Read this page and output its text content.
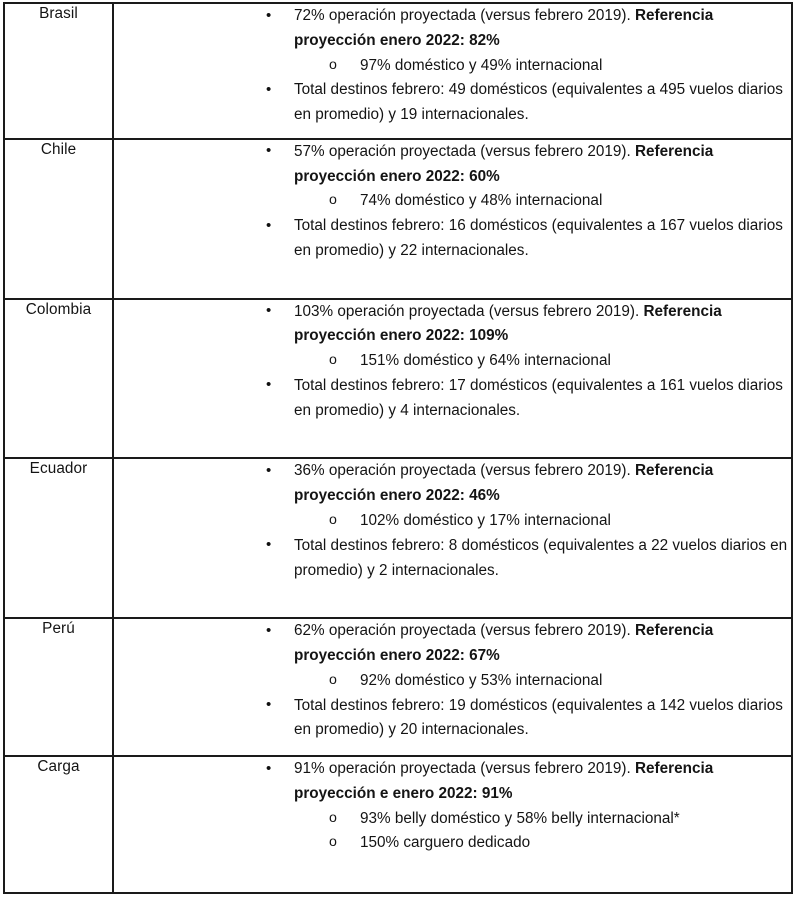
Brasil	
•72% operación proyectada (versus febrero 2019). Referencia proyección enero 2022: 82%
o 97% doméstico y 49% internacional
• Total destinos febrero: 49 domésticos (equivalentes a 495 vuelos diarios en promedio) y 19 internacionales.

Chile	
•57% operación proyectada (versus febrero 2019). Referencia proyección enero 2022: 60%
o 74% doméstico y 48% internacional
• Total destinos febrero: 16 domésticos (equivalentes a 167 vuelos diarios en promedio) y 22 internacionales.

Colombia	
•103% operación proyectada (versus febrero 2019). Referencia proyección enero 2022: 109%
o 151% doméstico y 64% internacional
• Total destinos febrero: 17 domésticos (equivalentes a 161 vuelos diarios en promedio) y 4 internacionales.

Ecuador	
•36% operación proyectada (versus febrero 2019). Referencia proyección enero 2022: 46%
o 102% doméstico y 17% internacional
• Total destinos febrero: 8 domésticos (equivalentes a 22 vuelos diarios en promedio) y 2 internacionales.

Perú	
•62% operación proyectada (versus febrero 2019). Referencia proyección enero 2022: 67%
o 92% doméstico y 53% internacional
• Total destinos febrero: 19 domésticos (equivalentes a 142 vuelos diarios en promedio) y 20 internacionales.

Carga	
•91% operación proyectada (versus febrero 2019). Referencia proyección e enero 2022: 91%
o 93% belly doméstico y 58% belly internacional*
o 150% carguero dedicado
